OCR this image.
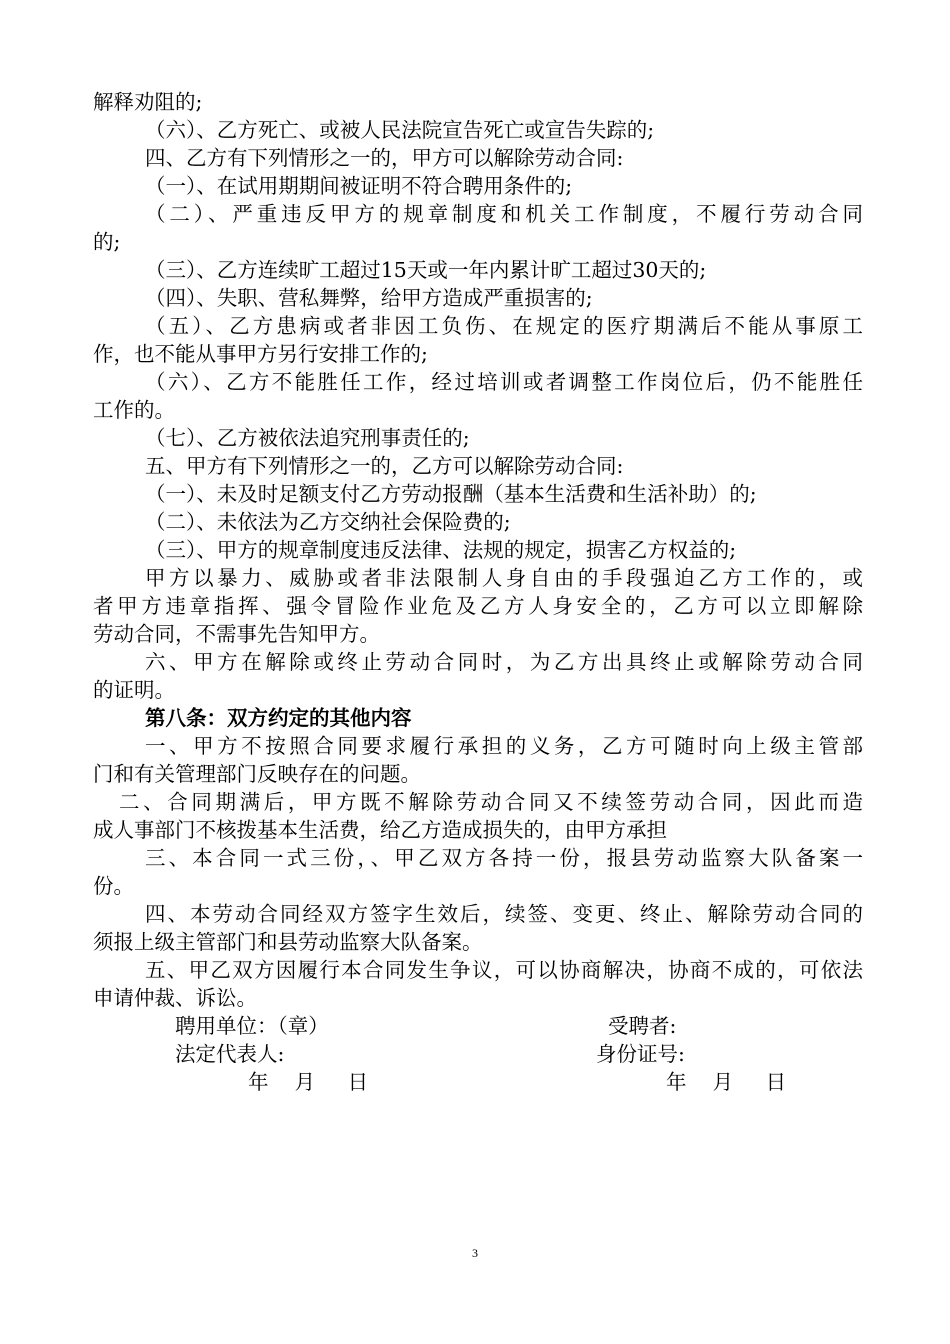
解释劝阻的;
（六）、乙方死亡、或被人民法院宣告死亡或宣告失踪的;
四、乙方有下列情形之一的，甲方可以解除劳动合同:
（一）、在试用期期间被证明不符合聘用条件的;
（二）、严重违反甲方的规章制度和机关工作制度，不履行劳动合同
的;
（三）、乙方连续旷工超过15天或一年内累计旷工超过30天的;
（四）、失职、营私舞弊，给甲方造成严重损害的;
（五）、乙方患病或者非因工负伤、在规定的医疗期满后不能从事原工
作，也不能从事甲方另行安排工作的;
（六）、乙方不能胜任工作，经过培训或者调整工作岗位后，仍不能胜任
工作的。
（七）、乙方被依法追究刑事责任的;
五、甲方有下列情形之一的，乙方可以解除劳动合同:
（一）、未及时足额支付乙方劳动报酬（基本生活费和生活补助）的;
（二）、未依法为乙方交纳社会保险费的;
（三）、甲方的规章制度违反法律、法规的规定，损害乙方权益的;
甲方以暴力、威胁或者非法限制人身自由的手段强迫乙方工作的，或
者甲方违章指挥、强令冒险作业危及乙方人身安全的，乙方可以立即解除
劳动合同，不需事先告知甲方。
六、甲方在解除或终止劳动合同时，为乙方出具终止或解除劳动合同
的证明。
第八条：双方约定的其他内容
一、甲方不按照合同要求履行承担的义务，乙方可随时向上级主管部
门和有关管理部门反映存在的问题。
二、合同期满后，甲方既不解除劳动合同又不续签劳动合同，因此而造
成人事部门不核拨基本生活费，给乙方造成损失的，由甲方承担
三、本合同一式三份，、甲乙双方各持一份，报县劳动监察大队备案一
份。
四、本劳动合同经双方签字生效后，续签、变更、终止、解除劳动合同的
须报上级主管部门和县劳动监察大队备案。
五、甲乙双方因履行本合同发生争议，可以协商解决，协商不成的，可依法
申请仲裁、诉讼。
聘用单位：（章）	受聘者:
法定代表人:	身份证号:
年    月     日	年    月     日
3
